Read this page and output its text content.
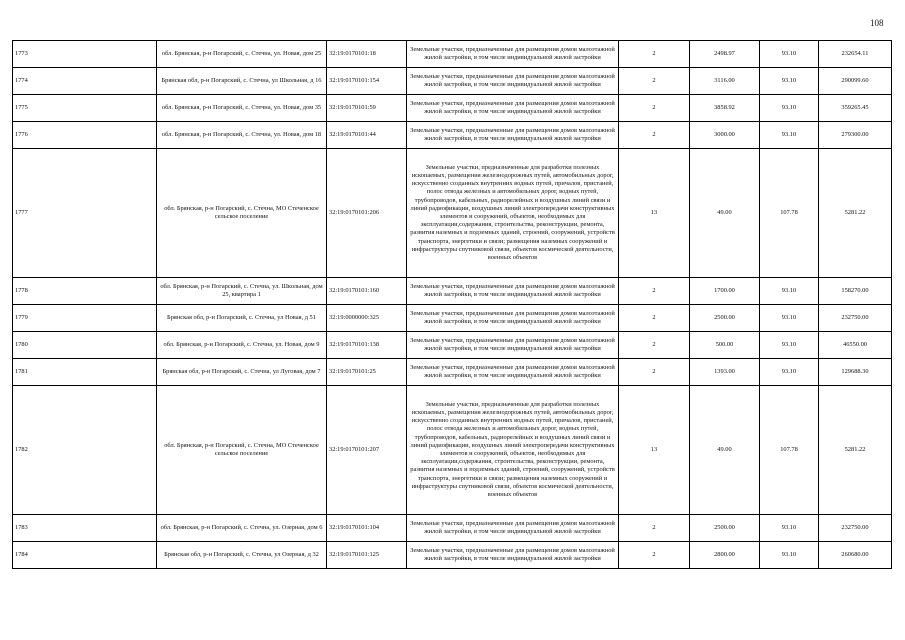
108
1773	обл. Брянская, р-н Погарский, с. Стечна, ул. Новая, дом 25	32:19:0170101:18	Земельные участки, предназначенные для размещения домов малоэтажной жилой застройки, в том числе индивидуальной жилой застройки	2	2498.97	93.10	232654.11
1774	Брянская обл, р-н Погарский, с. Стечна, ул Школьная, д 16	32:19:0170101:154	Земельные участки, предназначенные для размещения домов малоэтажной жилой застройки, в том числе индивидуальной жилой застройки	2	3116.00	93.10	290099.60
1775	обл. Брянская, р-н Погарский, с. Стечна, ул. Новая, дом 35	32:19:0170101:59	Земельные участки, предназначенные для размещения домов малоэтажной жилой застройки, в том числе индивидуальной жилой застройки	2	3858.92	93.10	359265.45
1776	обл. Брянская, р-н Погарский, с. Стечна, ул. Новая, дом 18	32:19:0170101:44	Земельные участки, предназначенные для размещения домов малоэтажной жилой застройки, в том числе индивидуальной жилой застройки	2	3000.00	93.10	279300.00
1777	обл. Брянская, р-н Погарский, с. Стечна, МО Стеченское сельское поселение	32:19:0170101:206	Земельные участки, предназначенные для разработки полезных ископаемых, размещения железнодорожных путей, автомобильных дорог, искусственно созданных внутренних водных путей, причалов, пристаней, полос отвода железных и автомобильных дорог, водных путей, трубопроводов, кабельных, радиорелейных и воздушных линий связи и линий радиофикации, воздушных линий электропередачи конструктивных элементов и сооружений, объектов, необходимых для эксплуатации,содержания, строительства, реконструкции, ремонта, развития наземных и подземных зданий, строений, сооружений, устройств транспорта, энергетики и связи; размещения наземных сооружений и инфраструктуры спутниковой связи, объектов космической деятельности, военных объектов	13	49.00	107.78	5281.22
1778	обл. Брянская, р-н Погарский, с. Стечна, ул. Школьная, дом 25, квартира 1	32:19:0170101:160	Земельные участки, предназначенные для размещения домов малоэтажной жилой застройки, в том числе индивидуальной жилой застройки	2	1700.00	93.10	158270.00
1779	Брянская обл, р-н Погарский, с. Стечна, ул Новая, д 51	32:19:0000000:325	Земельные участки, предназначенные для размещения домов малоэтажной жилой застройки, в том числе индивидуальной жилой застройки	2	2500.00	93.10	232750.00
1780	обл. Брянская, р-н Погарский, с. Стечна, ул. Новая, дом 9	32:19:0170101:138	Земельные участки, предназначенные для размещения домов малоэтажной жилой застройки, в том числе индивидуальной жилой застройки	2	500.00	93.10	46550.00
1781	Брянская обл, р-н Погарский, с. Стечна, ул Луговая, дом 7	32:19:0170101:25	Земельные участки, предназначенные для размещения домов малоэтажной жилой застройки, в том числе индивидуальной жилой застройки	2	1393.00	93.10	129688.30
1782	обл. Брянская, р-н Погарский, с. Стечна, МО Стеченское сельское поселение	32:19:0170101:207	Земельные участки, предназначенные для разработки полезных ископаемых, размещения железнодорожных путей, автомобильных дорог, искусственно созданных внутренних водных путей, причалов, пристаней, полос отвода железных и автомобильных дорог, водных путей, трубопроводов, кабельных, радиорелейных и воздушных линий связи и линий радиофикации, воздушных линий электропередачи конструктивных элементов и сооружений, объектов, необходимых для эксплуатации,содержания, строительства, реконструкции, ремонта, развития наземных и подземных зданий, строений, сооружений, устройств транспорта, энергетики и связи; размещения наземных сооружений и инфраструктуры спутниковой связи, объектов космической деятельности, военных объектов	13	49.00	107.78	5281.22
1783	обл. Брянская, р-н Погарский, с. Стечна, ул. Озерная, дом 6	32:19:0170101:104	Земельные участки, предназначенные для размещения домов малоэтажной жилой застройки, в том числе индивидуальной жилой застройки	2	2500.00	93.10	232750.00
1784	Брянская обл, р-н Погарский, с. Стечна, ул Озерная, д 32	32:19:0170101:125	Земельные участки, предназначенные для размещения домов малоэтажной жилой застройки, в том числе индивидуальной жилой застройки	2	2800.00	93.10	260680.00
